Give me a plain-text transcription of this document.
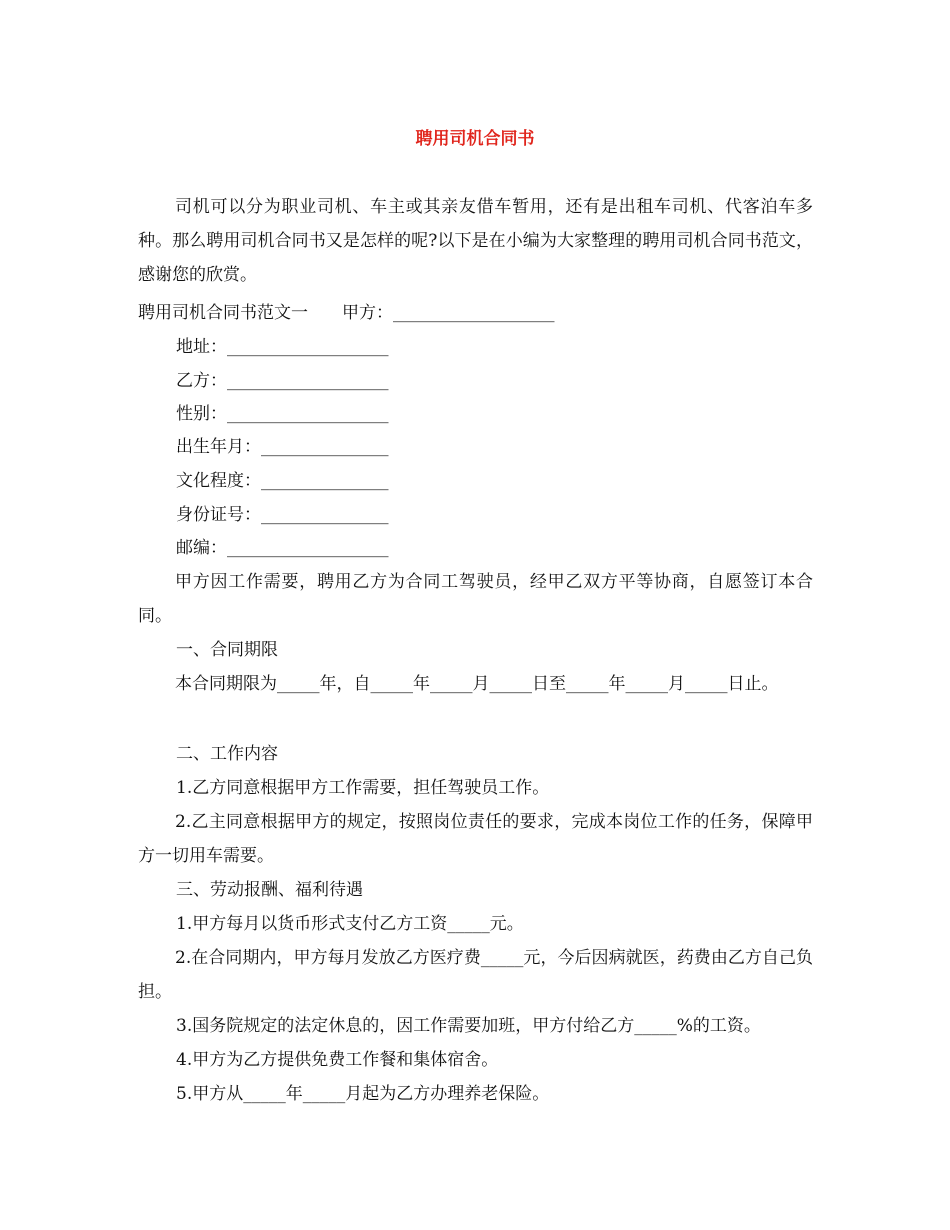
聘用司机合同书
司机可以分为职业司机、车主或其亲友借车暂用，还有是出租车司机、代客泊车多种。那么聘用司机合同书又是怎样的呢?以下是在小编为大家整理的聘用司机合同书范文，感谢您的欣赏。
聘用司机合同书范文一　　甲方：___________________
地址：___________________
乙方：___________________
性别：___________________
出生年月：_______________
文化程度：_______________
身份证号：_______________
邮编：___________________
甲方因工作需要，聘用乙方为合同工驾驶员，经甲乙双方平等协商，自愿签订本合同。
一、合同期限
本合同期限为_____年，自_____年_____月_____日至_____年_____月_____日止。
二、工作内容
1.乙方同意根据甲方工作需要，担任驾驶员工作。
2.乙主同意根据甲方的规定，按照岗位责任的要求，完成本岗位工作的任务，保障甲方一切用车需要。
三、劳动报酬、福利待遇
1.甲方每月以货币形式支付乙方工资_____元。
2.在合同期内，甲方每月发放乙方医疗费_____元，今后因病就医，药费由乙方自己负担。
3.国务院规定的法定休息的，因工作需要加班，甲方付给乙方_____%的工资。
4.甲方为乙方提供免费工作餐和集体宿舍。
5.甲方从_____年_____月起为乙方办理养老保险。
